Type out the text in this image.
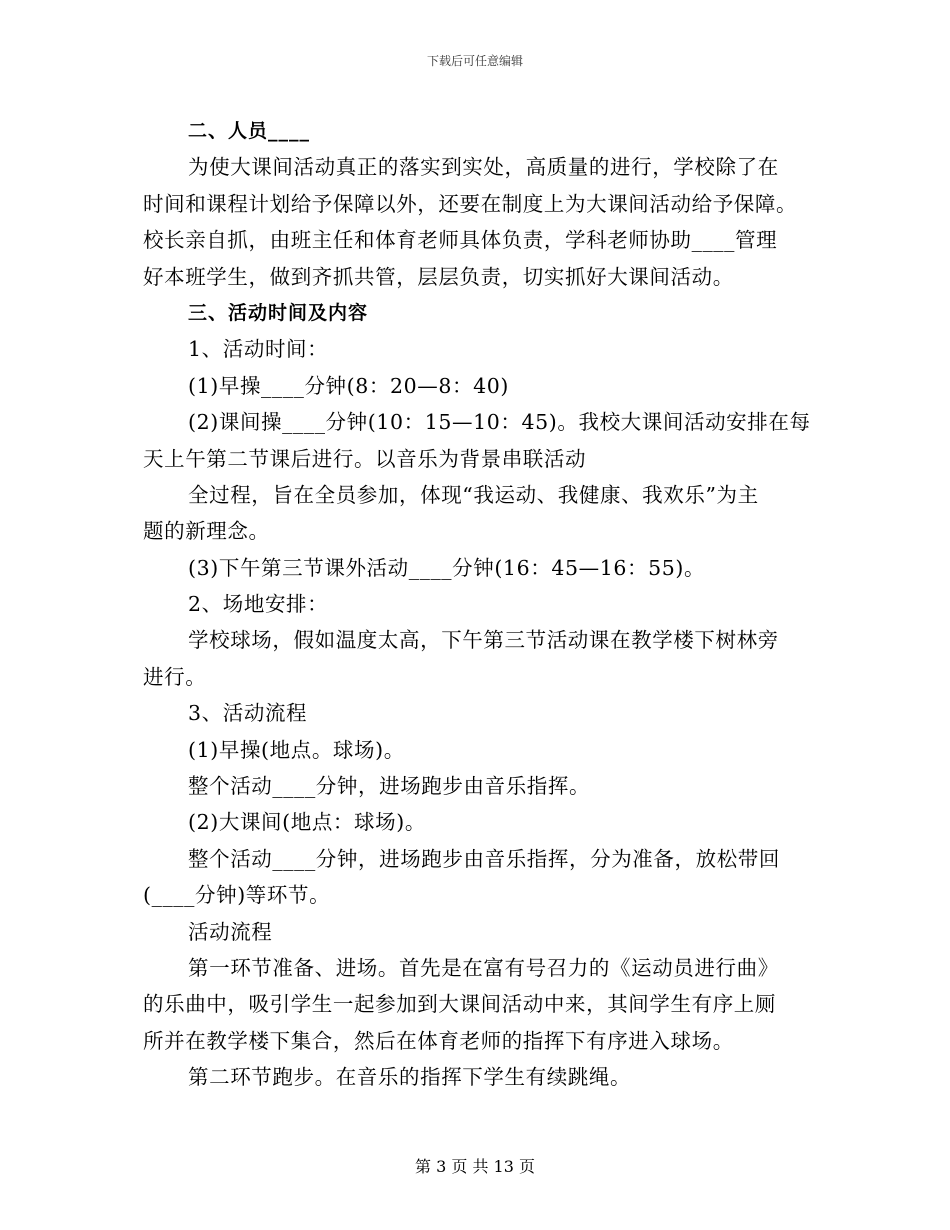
下载后可任意编辑
二、人员____
为使大课间活动真正的落实到实处，高质量的进行，学校除了在
时间和课程计划给予保障以外，还要在制度上为大课间活动给予保障。
校长亲自抓，由班主任和体育老师具体负责，学科老师协助____管理
好本班学生，做到齐抓共管，层层负责，切实抓好大课间活动。
三、活动时间及内容
1、活动时间：
(1)早操____分钟(8：20—8：40)
(2)课间操____分钟(10：15—10：45)。我校大课间活动安排在每
天上午第二节课后进行。以音乐为背景串联活动
全过程，旨在全员参加，体现“我运动、我健康、我欢乐”为主
题的新理念。
(3)下午第三节课外活动____分钟(16：45—16：55)。
2、场地安排：
学校球场，假如温度太高，下午第三节活动课在教学楼下树林旁
进行。
3、活动流程
(1)早操(地点。球场)。
整个活动____分钟，进场跑步由音乐指挥。
(2)大课间(地点：球场)。
整个活动____分钟，进场跑步由音乐指挥，分为准备，放松带回
(____分钟)等环节。
活动流程
第一环节准备、进场。首先是在富有号召力的《运动员进行曲》
的乐曲中，吸引学生一起参加到大课间活动中来，其间学生有序上厕
所并在教学楼下集合，然后在体育老师的指挥下有序进入球场。
第二环节跑步。在音乐的指挥下学生有续跳绳。
第 3 页 共 13 页
